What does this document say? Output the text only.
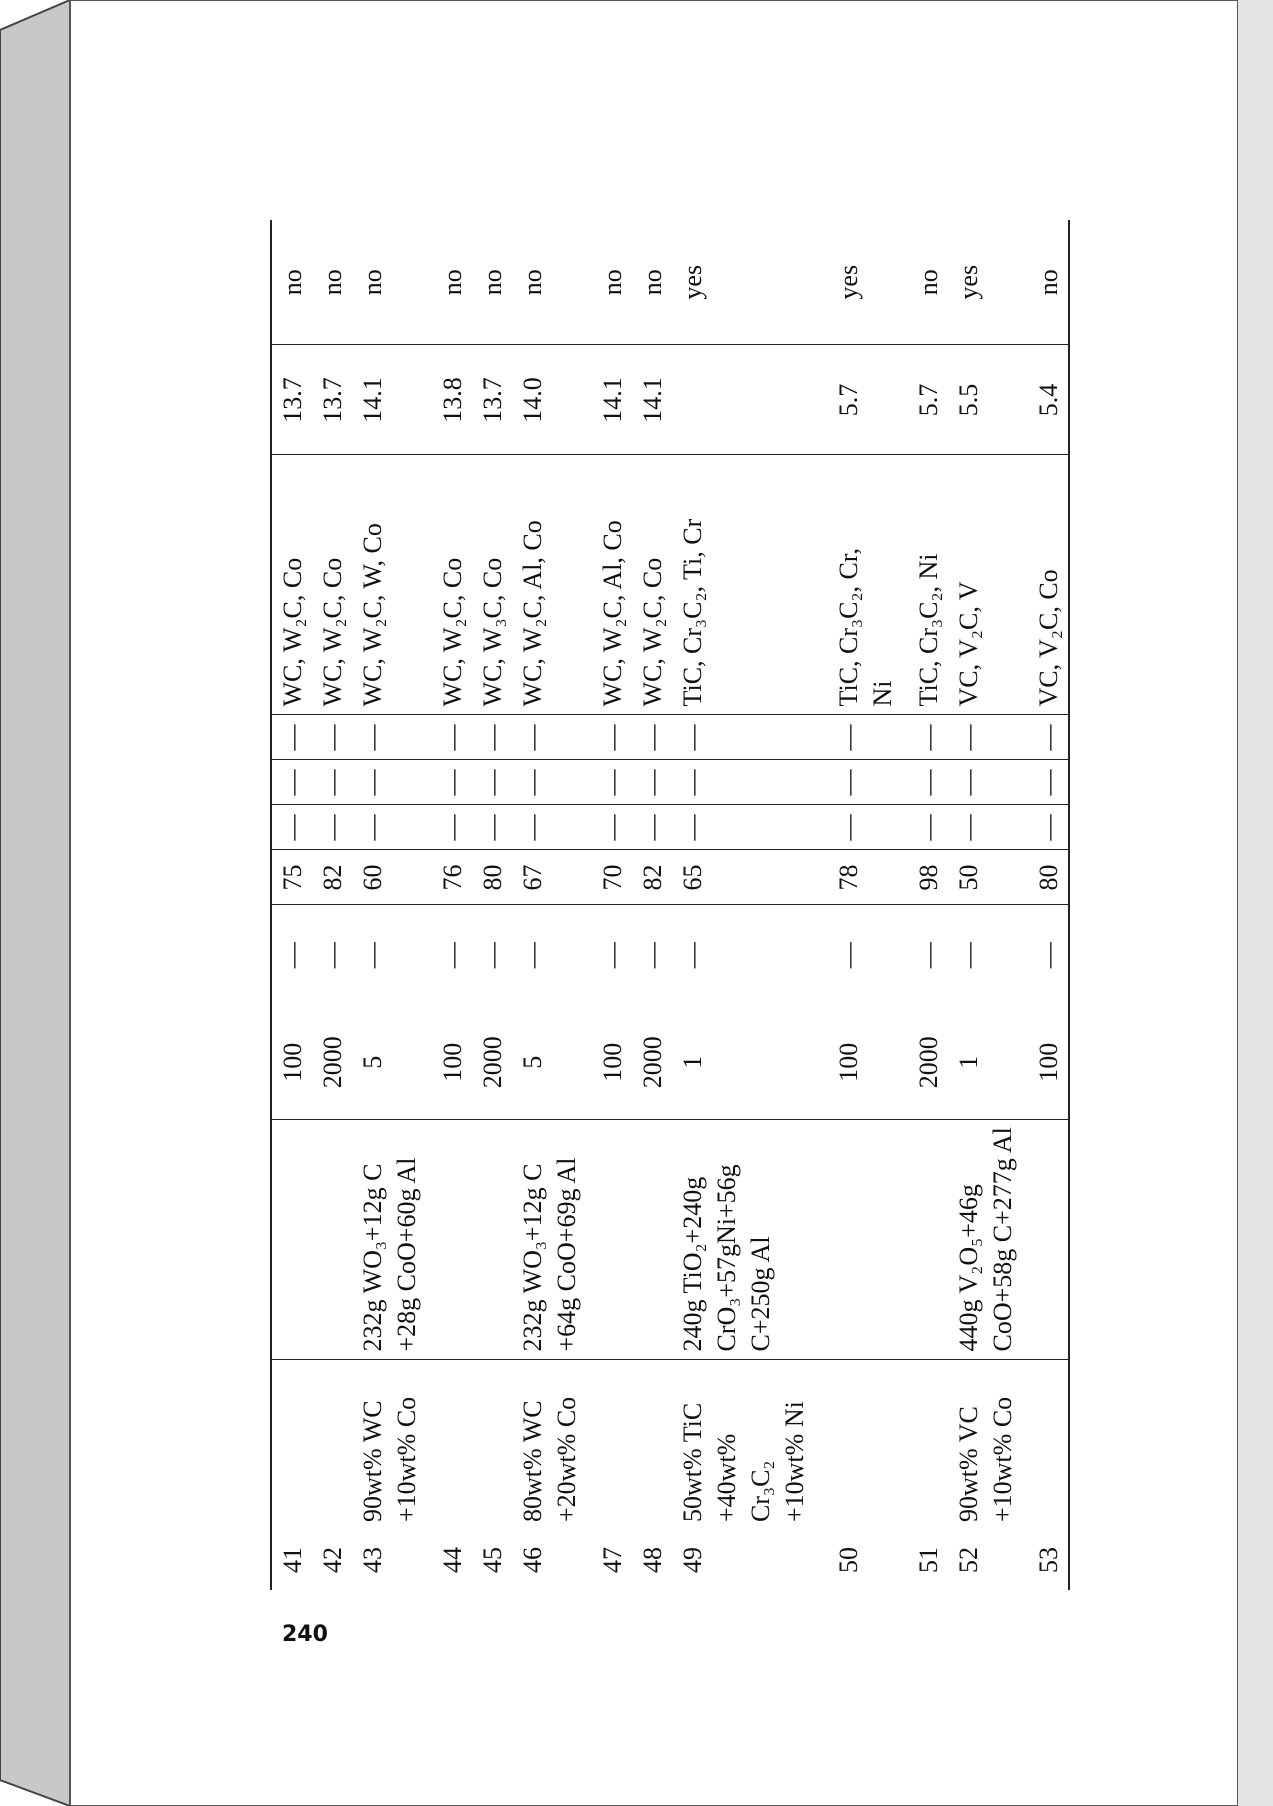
41			100	—	75	—	—	—	WC, W₂C, Co	13.7	no
42			2000	—	82	—	—	—	WC, W₂C, Co	13.7	no
43	90wt% WC +10wt% Co	232g WO₃+12g C +28g CoO+60g Al	5	—	60	—	—	—	WC, W₂C, W, Co	14.1	no
44			100	—	76	—	—	—	WC, W₂C, Co	13.8	no
45			2000	—	80	—	—	—	WC, W₃C, Co	13.7	no
46	80wt% WC +20wt% Co	232g WO₃+12g C +64g CoO+69g Al	5	—	67	—	—	—	WC, W₂C, Al, Co	14.0	no
47			100	—	70	—	—	—	WC, W₂C, Al, Co	14.1	no
48			2000	—	82	—	—	—	WC, W₂C, Co	14.1	no
49	50wt% TiC +40wt% Cr₃C₂ +10wt% Ni	240g TiO₂+240g CrO₃+57gNi+56g C+250g Al	1	—	65	—	—	—	TiC, Cr₃C₂, Ti, Cr		yes
50			100	—	78	—	—	—	TiC, Cr₃C₂, Cr, Ni	5.7	yes
51			2000	—	98	—	—	—	TiC, Cr₃C₂, Ni	5.7	no
52	90wt% VC +10wt% Co	440g V₂O₅+46g CoO+58g C+277g Al	1	—	50	—	—	—	VC, V₂C, V	5.5	yes
53			100	—	80	—	—	—	VC, V₂C, Co	5.4	no
240
